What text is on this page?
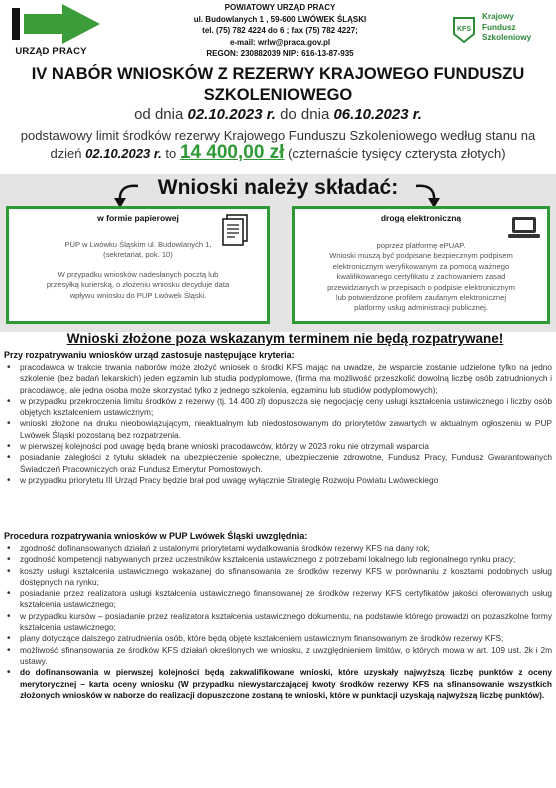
URZĄD PRACY
POWIATOWY URZĄD PRACY
ul. Budowlanych 1 , 59-600 LWÓWEK ŚLĄSKI
tel. (75) 782 4224 do 6 ; fax (75) 782 4227;
e-mail: wrlw@praca.gov.pl
REGON: 230882039 NIP: 616-13-87-935
KFS
Krajowy
Fundusz
Szkoleniowy
IV NABÓR WNIOSKÓW Z REZERWY KRAJOWEGO FUNDUSZU
SZKOLENIOWEGO
od dnia 02.10.2023 r. do dnia 06.10.2023 r.
podstawowy limit środków rezerwy Krajowego Funduszu Szkoleniowego według stanu na
dzień 02.10.2023 r. to 14 400,00 zł (czternaście tysięcy czterysta złotych)
Wnioski należy składać:
w formie papierowej
PUP w Lwówku Śląskim ul. Budowlanych 1,
(sekretariat, pok. 10)
W przypadku wniosków nadesłanych pocztą lub
przesyłką kurierską, o złożeniu wniosku decyduje data
wpływu wniosku do PUP Lwówek Śląski.
drogą elektroniczną
poprzez platformę ePUAP.
Wnioski muszą być podpisane bezpiecznym podpisem
elektronicznym weryfikowanym za pomocą ważnego
kwalifikowanego certyfikatu z zachowaniem zasad
przewidzianych w przepisach o podpisie elektronicznym
lub potwierdzone profilem zaufanym elektronicznej
platformy usług administracji publicznej.
Wnioski złożone poza wskazanym terminem nie będą rozpatrywane!
Przy rozpatrywaniu wniosków urząd zastosuje następujące kryteria:
• pracodawca w trakcie trwania naborów może złożyć wniosek o środki KFS mając na uwadze, że wsparcie zostanie udzielone tylko na jedno szkolenie (bez badań lekarskich) jeden egzamin lub studia podyplomowe, (firma ma możliwość przeszkolić dowolną liczbę osób zatrudnionych i pracodawcę, ale jedna osoba może skorzystać tylko z jednego szkolenia, egzaminu lub studiów podyplomowych);
• w przypadku przekroczenia limitu środków z rezerwy (tj. 14 400 zł) dopuszcza się negocjację ceny usługi kształcenia ustawicznego i liczby osób objętych kształceniem ustawicznym;
• wnioski złożone na druku nieobowiązującym, nieaktualnym lub niedostosowanym do priorytetów zawartych w aktualnym ogłoszeniu w PUP Lwówek Śląski pozostaną bez rozpatrzenia.
• w pierwszej kolejności pod uwagę będą brane wnioski pracodawców, którzy w 2023 roku nie otrzymali wsparcia
• posiadanie zaległości z tytułu składek na ubezpieczenie społeczne, ubezpieczenie zdrowotne, Fundusz Pracy, Fundusz Gwarantowanych Świadczeń Pracowniczych oraz Fundusz Emerytur Pomostowych.
• w przypadku priorytetu III Urząd Pracy będzie brał pod uwagę wyłącznie Strategię Rozwoju Powiatu Lwóweckiego
Procedura rozpatrywania wniosków w PUP Lwówek Śląski uwzględnia:
• zgodność dofinansowanych działań z ustalonymi priorytetami wydatkowania środków rezerwy KFS na dany rok;
• zgodność kompetencji nabywanych przez uczestników kształcenia ustawicznego z potrzebami lokalnego lub regionalnego rynku pracy;
• koszty usługi kształcenia ustawicznego wskazanej do sfinansowania ze środków rezerwy KFS w porównaniu z kosztami podobnych usług dostępnych na rynku;
• posiadanie przez realizatora usługi kształcenia ustawicznego finansowanej ze środków rezerwy KFS certyfikatów jakości oferowanych usług kształcenia ustawicznego;
• w przypadku kursów – posiadanie przez realizatora kształcenia ustawicznego dokumentu, na podstawie którego prowadzi on pozaszkolne formy kształcenia ustawicznego;
• plany dotyczące dalszego zatrudnienia osób, które będą objęte kształceniem ustawicznym finansowanym ze środków rezerwy KFS;
• możliwość sfinansowania ze środków KFS działań określonych we wniosku, z uwzględnieniem limitów, o których mowa w art. 109 ust. 2k i 2m ustawy.
• do dofinansowania w pierwszej kolejności będą zakwalifikowane wnioski, które uzyskały najwyższą liczbę punktów z oceny merytorycznej – karta oceny wniosku (W przypadku niewystarczającej kwoty środków rezerwy KFS na sfinansowanie wszystkich złożonych wniosków w naborze do realizacji dopuszczone zostaną te wnioski, które w punktacji uzyskają najwyższą liczbę punktów).
